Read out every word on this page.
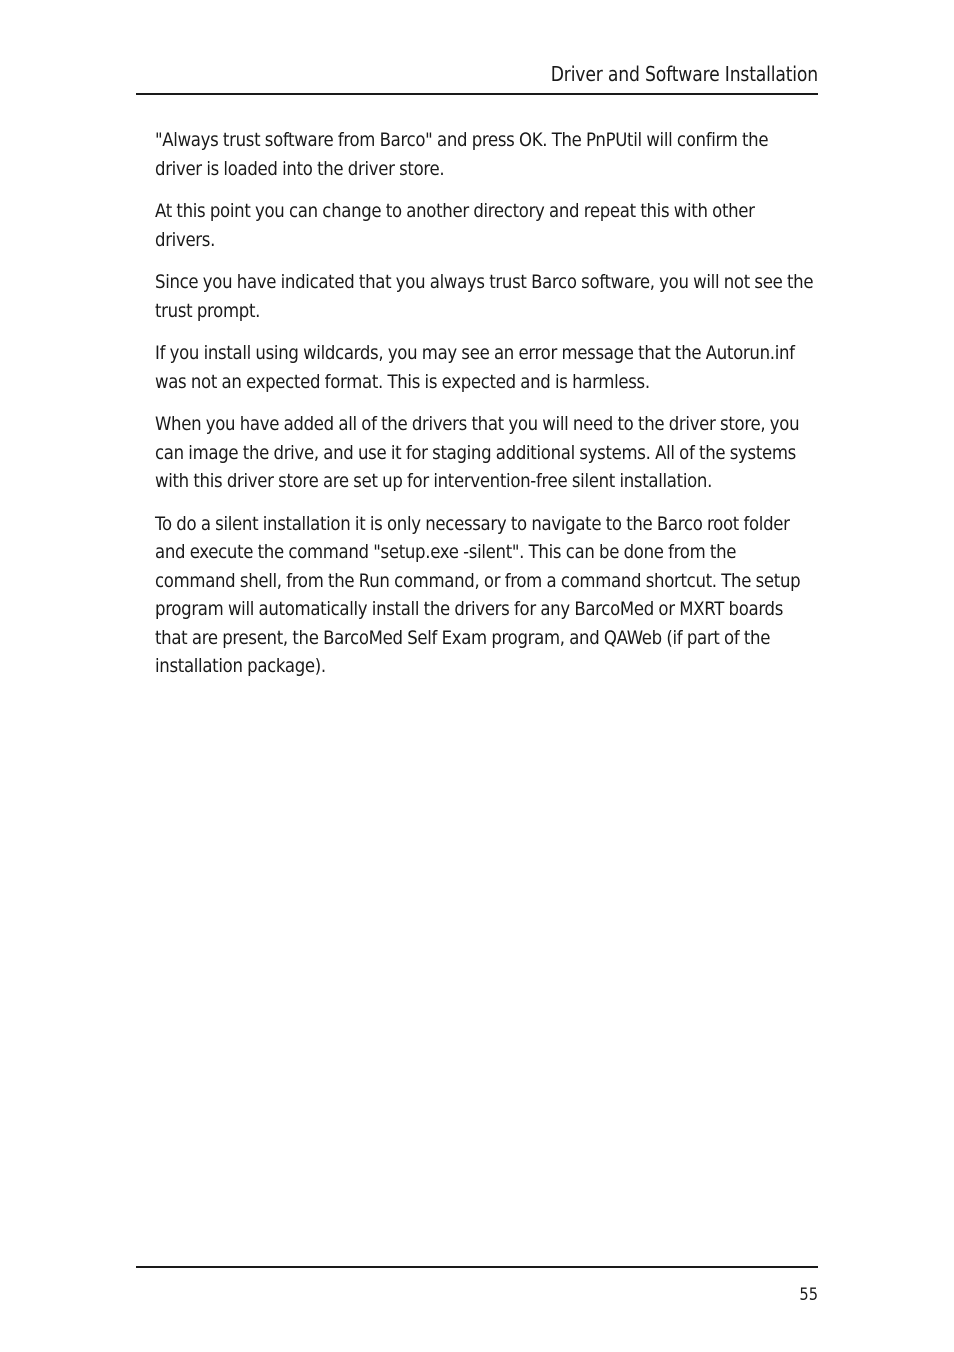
Driver and Software Installation

"Always trust software from Barco" and press OK. The PnPUtil will confirm the driver is loaded into the driver store.

At this point you can change to another directory and repeat this with other drivers.

Since you have indicated that you always trust Barco software, you will not see the trust prompt.

If you install using wildcards, you may see an error message that the Autorun.inf was not an expected format. This is expected and is harmless.

When you have added all of the drivers that you will need to the driver store, you can image the drive, and use it for staging additional systems. All of the systems with this driver store are set up for intervention-free silent installation.

To do a silent installation it is only necessary to navigate to the Barco root folder and execute the command "setup.exe -silent". This can be done from the command shell, from the Run command, or from a command shortcut. The setup program will automatically install the drivers for any BarcoMed or MXRT boards that are present, the BarcoMed Self Exam program, and QAWeb (if part of the installation package).

55
